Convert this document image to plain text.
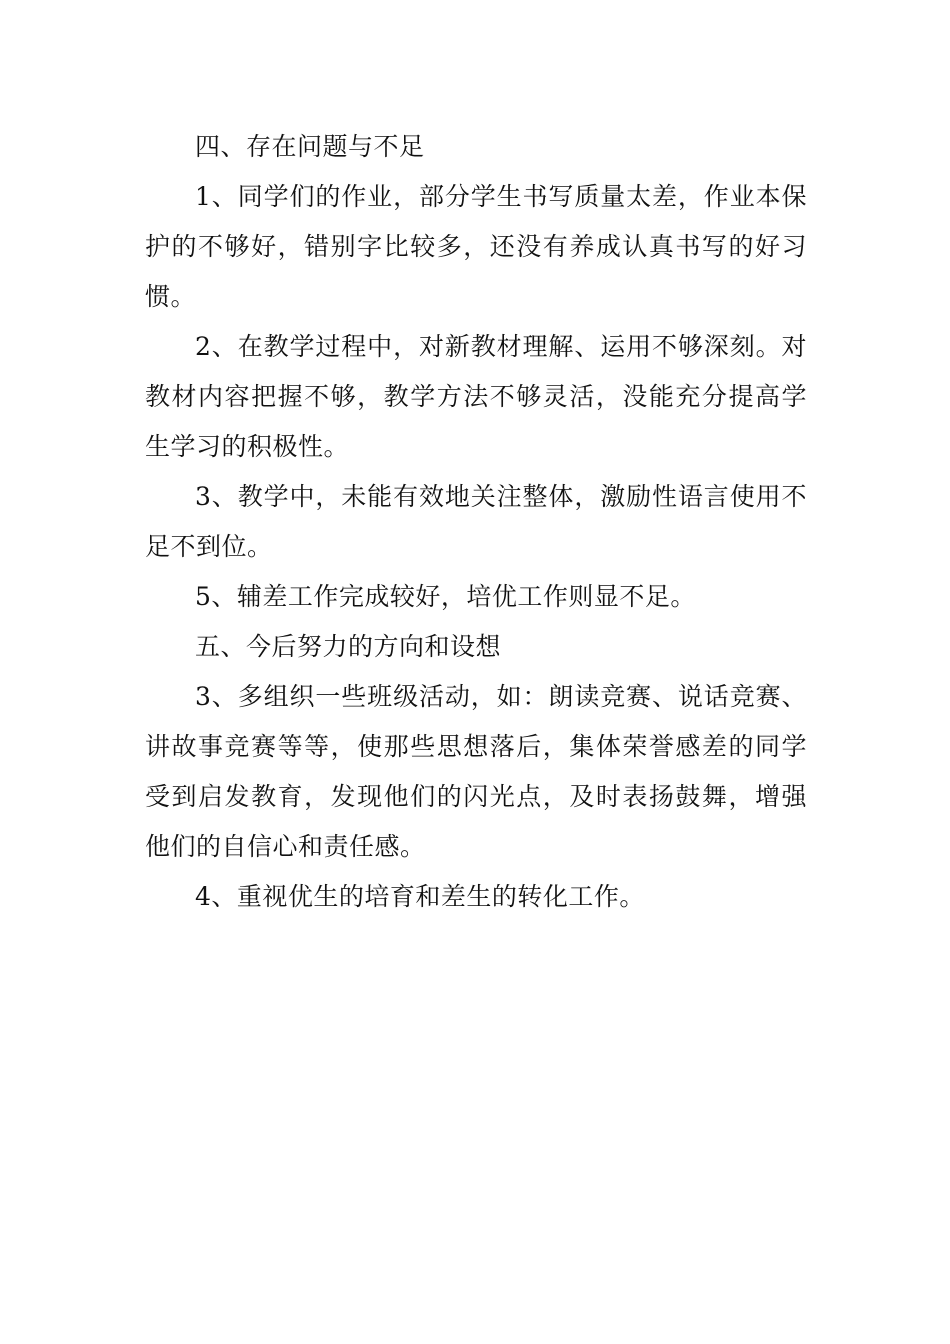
四、存在问题与不足

1、同学们的作业，部分学生书写质量太差，作业本保护的不够好，错别字比较多，还没有养成认真书写的好习惯。

2、在教学过程中，对新教材理解、运用不够深刻。对教材内容把握不够，教学方法不够灵活，没能充分提高学生学习的积极性。

3、教学中，未能有效地关注整体，激励性语言使用不足不到位。

5、辅差工作完成较好，培优工作则显不足。

五、今后努力的方向和设想

3、多组织一些班级活动，如：朗读竞赛、说话竞赛、讲故事竞赛等等，使那些思想落后，集体荣誉感差的同学受到启发教育，发现他们的闪光点，及时表扬鼓舞，增强他们的自信心和责任感。

4、重视优生的培育和差生的转化工作。
